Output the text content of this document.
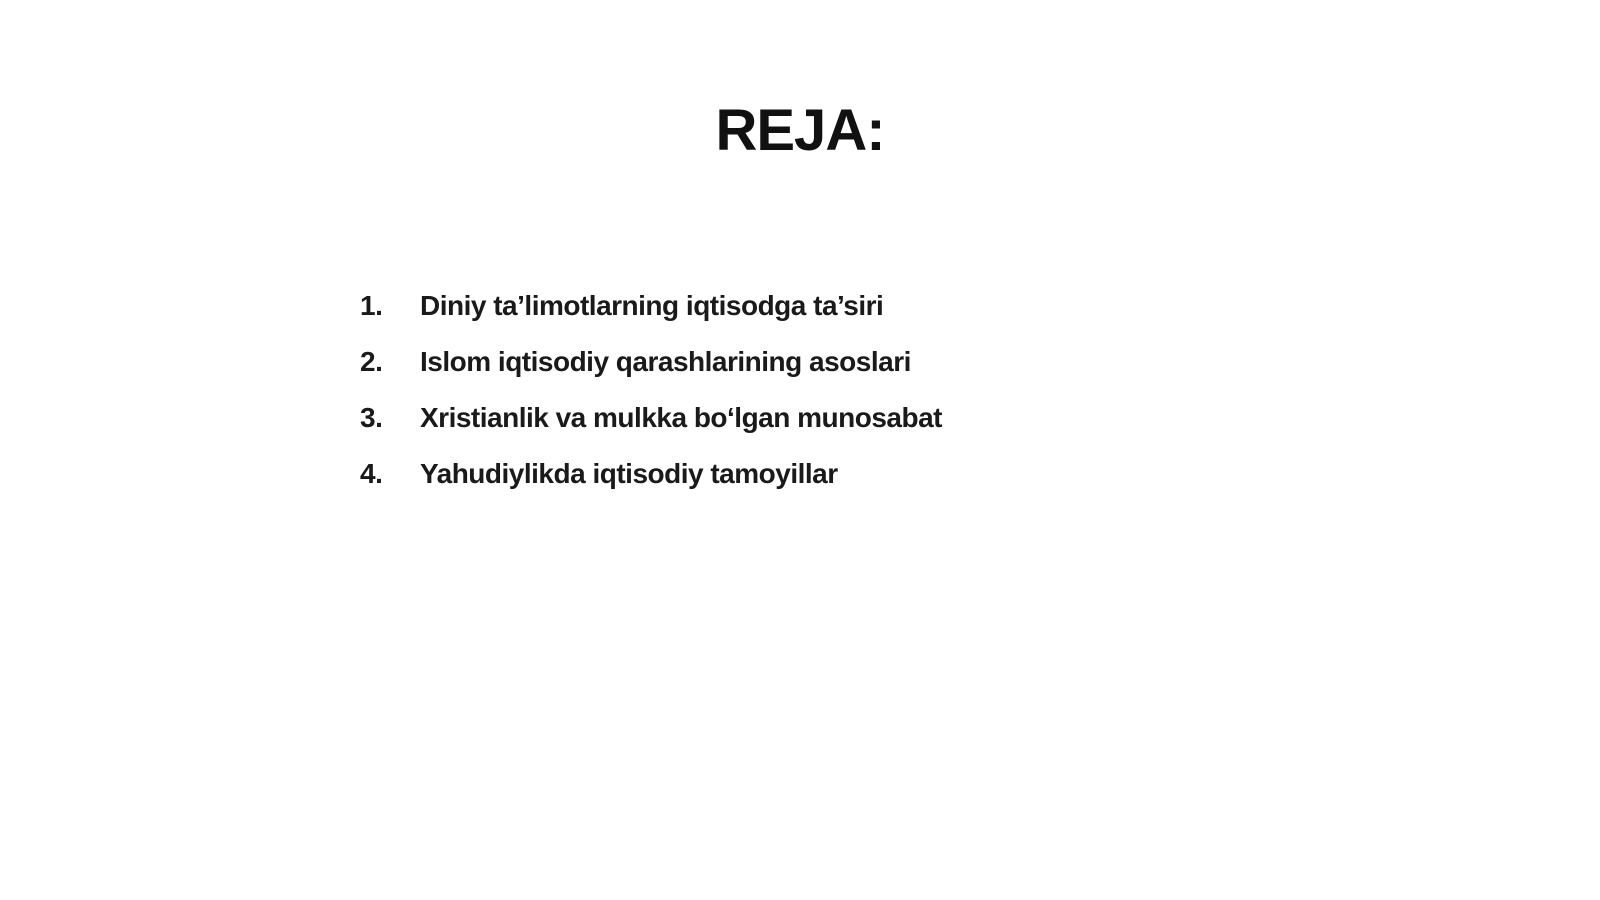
REJA:
1.	Diniy ta’limotlarning iqtisodga ta’siri
2.	Islom iqtisodiy qarashlarining asoslari
3.	Xristianlik va mulkka bo‘lgan munosabat
4.	Yahudiylikda iqtisodiy tamoyillar
